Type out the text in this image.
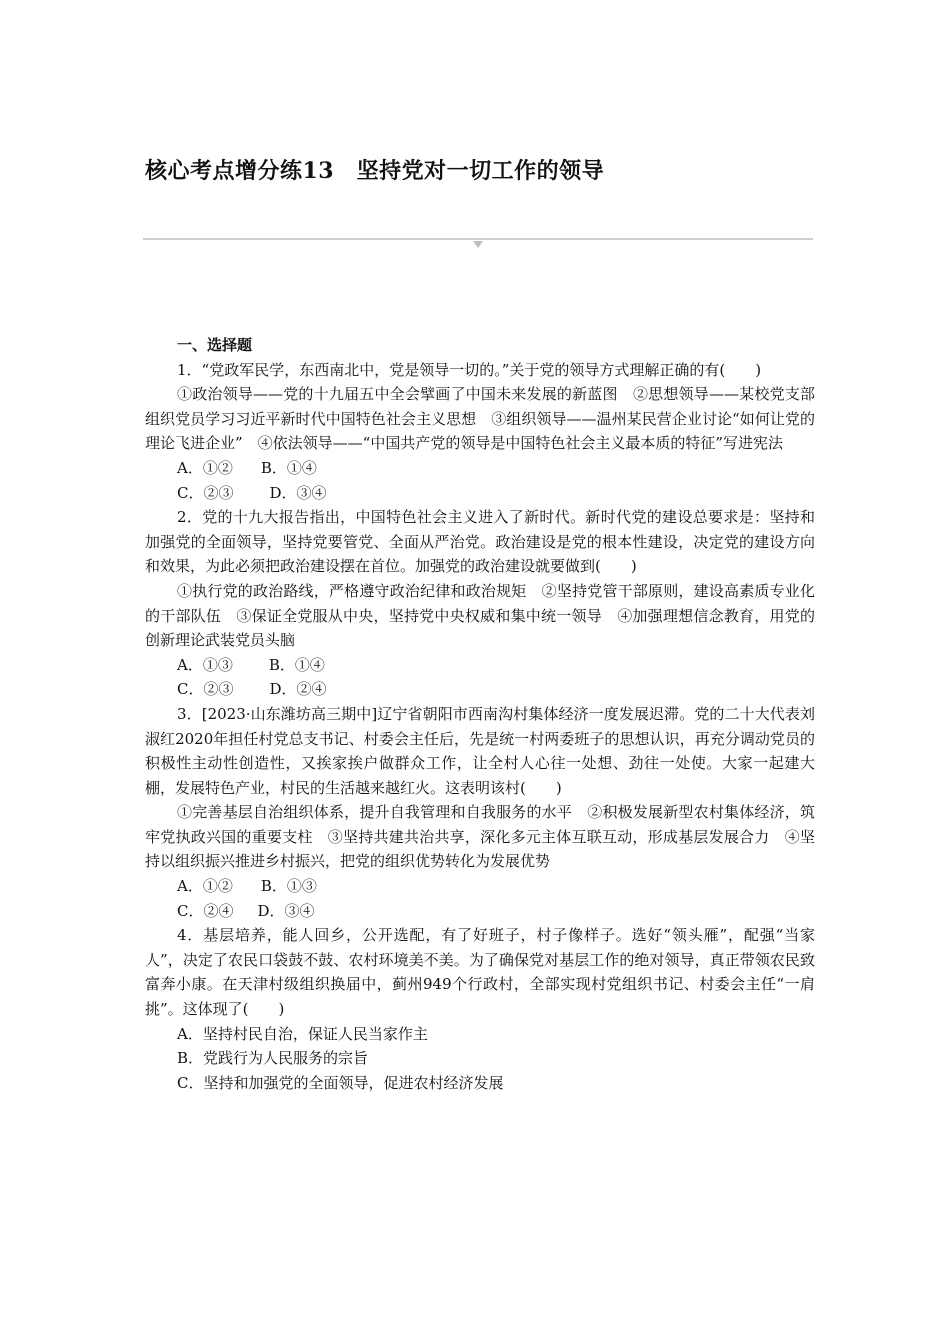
核心考点增分练13　坚持党对一切工作的领导

一、选择题

1．“党政军民学，东西南北中，党是领导一切的。”关于党的领导方式理解正确的有(　　)

①政治领导——党的十九届五中全会擘画了中国未来发展的新蓝图　②思想领导——某校党支部组织党员学习习近平新时代中国特色社会主义思想　③组织领导——温州某民营企业讨论“如何让党的理论飞进企业”　④依法领导——“中国共产党的领导是中国特色社会主义最本质的特征”写进宪法

A．①② B．①④

C．②③ D．③④

2．党的十九大报告指出，中国特色社会主义进入了新时代。新时代党的建设总要求是：坚持和加强党的全面领导，坚持党要管党、全面从严治党。政治建设是党的根本性建设，决定党的建设方向和效果，为此必须把政治建设摆在首位。加强党的政治建设就要做到(　　)

①执行党的政治路线，严格遵守政治纪律和政治规矩　②坚持党管干部原则，建设高素质专业化的干部队伍　③保证全党服从中央，坚持党中央权威和集中统一领导　④加强理想信念教育，用党的创新理论武装党员头脑

A．①③ B．①④

C．②③ D．②④

3．[2023·山东潍坊高三期中]辽宁省朝阳市西南沟村集体经济一度发展迟滞。党的二十大代表刘淑红2020年担任村党总支书记、村委会主任后，先是统一村两委班子的思想认识，再充分调动党员的积极性主动性创造性，又挨家挨户做群众工作，让全村人心往一处想、劲往一处使。大家一起建大棚，发展特色产业，村民的生活越来越红火。这表明该村(　　)

①完善基层自治组织体系，提升自我管理和自我服务的水平　②积极发展新型农村集体经济，筑牢党执政兴国的重要支柱　③坚持共建共治共享，深化多元主体互联互动，形成基层发展合力　④坚持以组织振兴推进乡村振兴，把党的组织优势转化为发展优势

A．①② B．①③

C．②④ D．③④

4．基层培养，能人回乡，公开选配，有了好班子，村子像样子。选好“领头雁”，配强“当家人”，决定了农民口袋鼓不鼓、农村环境美不美。为了确保党对基层工作的绝对领导，真正带领农民致富奔小康。在天津村级组织换届中，蓟州949个行政村，全部实现村党组织书记、村委会主任“一肩挑”。这体现了(　　)

A．坚持村民自治，保证人民当家作主

B．党践行为人民服务的宗旨

C．坚持和加强党的全面领导，促进农村经济发展
